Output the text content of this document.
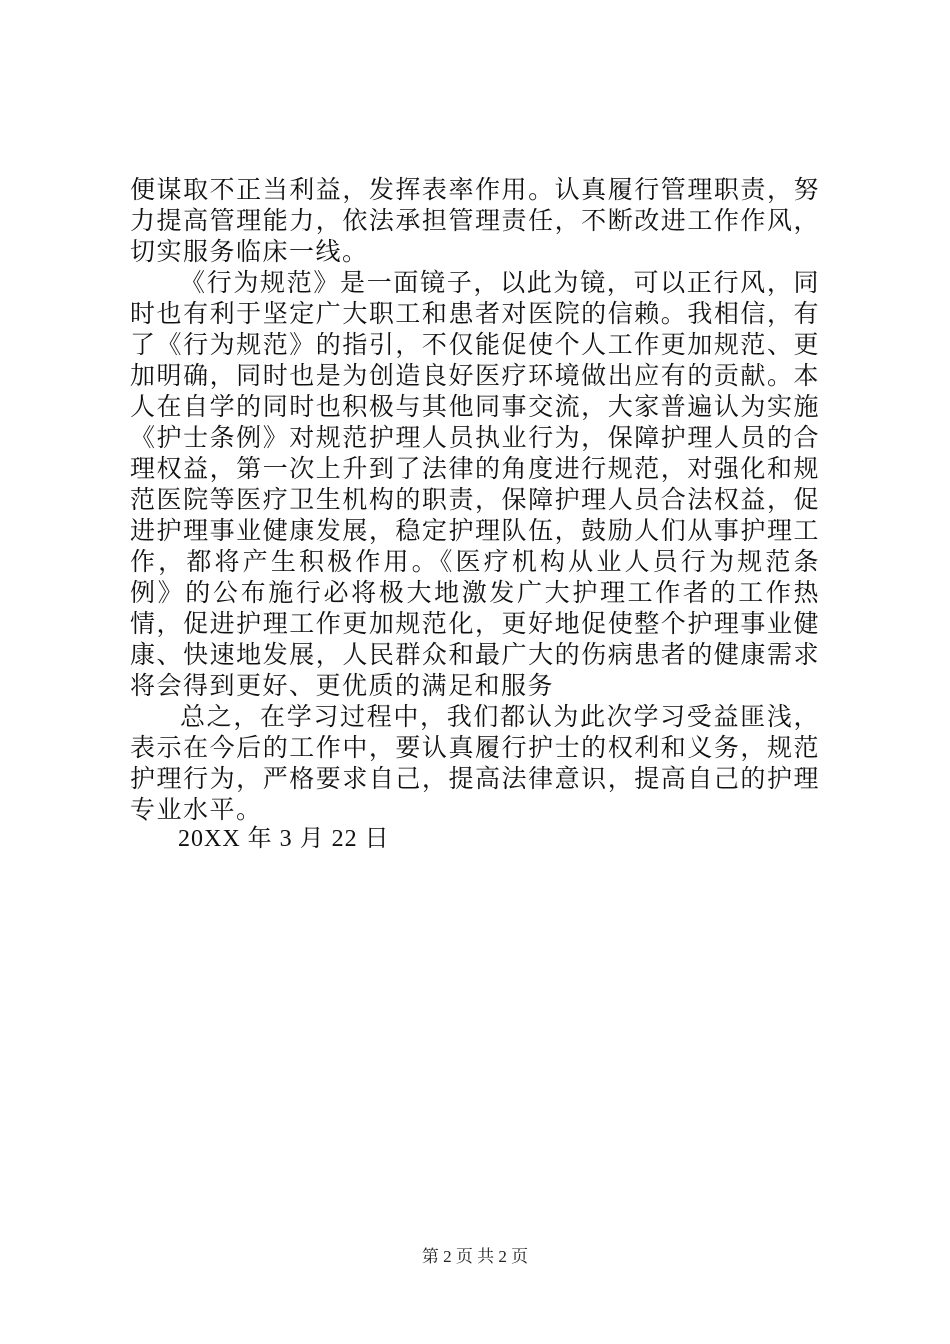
便谋取不正当利益，发挥表率作用。认真履行管理职责，努力提高管理能力，依法承担管理责任，不断改进工作作风，切实服务临床一线。

《行为规范》是一面镜子，以此为镜，可以正行风，同时也有利于坚定广大职工和患者对医院的信赖。我相信，有了《行为规范》的指引，不仅能促使个人工作更加规范、更加明确，同时也是为创造良好医疗环境做出应有的贡献。本人在自学的同时也积极与其他同事交流，大家普遍认为实施《护士条例》对规范护理人员执业行为，保障护理人员的合理权益，第一次上升到了法律的角度进行规范，对强化和规范医院等医疗卫生机构的职责，保障护理人员合法权益，促进护理事业健康发展，稳定护理队伍，鼓励人们从事护理工作，都将产生积极作用。《医疗机构从业人员行为规范条例》的公布施行必将极大地激发广大护理工作者的工作热情，促进护理工作更加规范化，更好地促使整个护理事业健康、快速地发展，人民群众和最广大的伤病患者的健康需求将会得到更好、更优质的满足和服务

总之，在学习过程中，我们都认为此次学习受益匪浅，表示在今后的工作中，要认真履行护士的权利和义务，规范护理行为，严格要求自己，提高法律意识，提高自己的护理专业水平。

20XX 年 3 月 22 日
第 2 页 共 2 页
